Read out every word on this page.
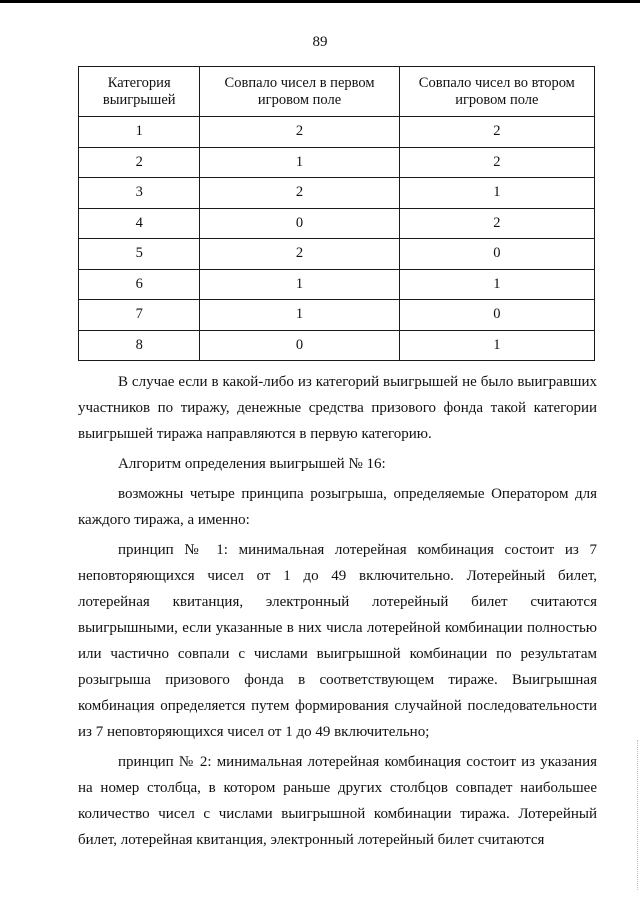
89
Категория выигрышей	Совпало чисел в первом игровом поле	Совпало чисел во втором игровом поле
1	2	2
2	1	2
3	2	1
4	0	2
5	2	0
6	1	1
7	1	0
8	0	1

В случае если в какой-либо из категорий выигрышей не было выигравших участников по тиражу, денежные средства призового фонда такой категории выигрышей тиража направляются в первую категорию.

Алгоритм определения выигрышей № 16:

возможны четыре принципа розыгрыша, определяемые Оператором для каждого тиража, а именно:

принцип № 1: минимальная лотерейная комбинация состоит из 7 неповторяющихся чисел от 1 до 49 включительно. Лотерейный билет, лотерейная квитанция, электронный лотерейный билет считаются выигрышными, если указанные в них числа лотерейной комбинации полностью или частично совпали с числами выигрышной комбинации по результатам розыгрыша призового фонда в соответствующем тираже. Выигрышная комбинация определяется путем формирования случайной последовательности из 7 неповторяющихся чисел от 1 до 49 включительно;

принцип № 2: минимальная лотерейная комбинация состоит из указания на номер столбца, в котором раньше других столбцов совпадет наибольшее количество чисел с числами выигрышной комбинации тиража. Лотерейный билет, лотерейная квитанция, электронный лотерейный билет считаются
